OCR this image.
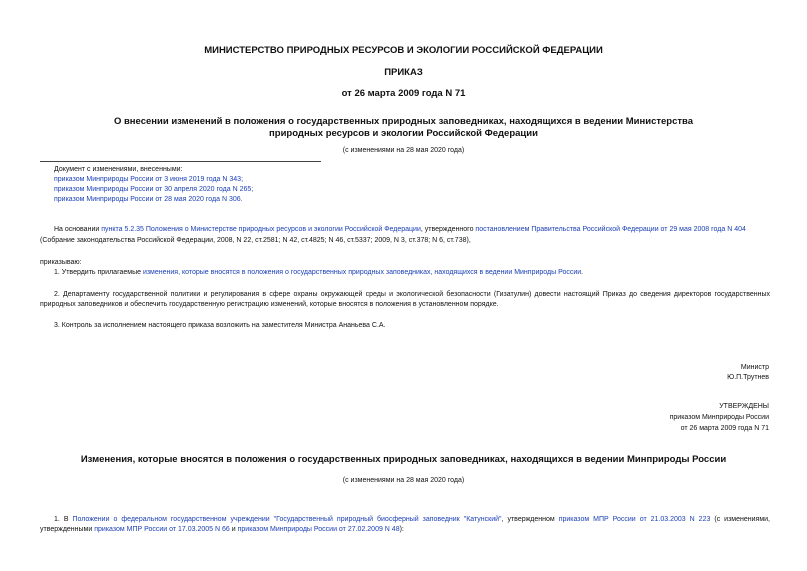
МИНИСТЕРСТВО ПРИРОДНЫХ РЕСУРСОВ И ЭКОЛОГИИ РОССИЙСКОЙ ФЕДЕРАЦИИ
ПРИКАЗ
от 26 марта 2009 года N 71
О внесении изменений в положения о государственных природных заповедниках, находящихся в ведении Министерства природных ресурсов и экологии Российской Федерации
(с изменениями на 28 мая 2020 года)
Документ с изменениями, внесенными:
приказом Минприроды России от 3 июня 2019 года N 343;
приказом Минприроды России от 30 апреля 2020 года N 265;
приказом Минприроды России от 28 мая 2020 года N 306.
На основании пункта 5.2.35 Положения о Министерстве природных ресурсов и экологии Российской Федерации, утвержденного постановлением Правительства Российской Федерации от 29 мая 2008 года N 404
(Собрание законодательства Российской Федерации, 2008, N 22, ст.2581; N 42, ст.4825; N 46, ст.5337; 2009, N 3, ст.378; N 6, ст.738),
приказываю:
1. Утвердить прилагаемые изменения, которые вносятся в положения о государственных природных заповедниках, находящихся в ведении Минприроды России.
2. Департаменту государственной политики и регулирования в сфере охраны окружающей среды и экологической безопасности (Гизатулин) довести настоящий Приказ до сведения директоров государственных природных заповедников и обеспечить государственную регистрацию изменений, которые вносятся в положения в установленном порядке.
3. Контроль за исполнением настоящего приказа возложить на заместителя Министра Ананьева С.А.
Министр
Ю.П.Трутнев
УТВЕРЖДЕНЫ
приказом Минприроды России
от 26 марта 2009 года N 71
Изменения, которые вносятся в положения о государственных природных заповедниках, находящихся в ведении Минприроды России
(с изменениями на 28 мая 2020 года)
1. В Положении о федеральном государственном учреждении "Государственный природный биосферный заповедник "Катунский", утвержденном приказом МПР России от 21.03.2003 N 223 (с изменениями, утвержденными приказом МПР России от 17.03.2005 N 66 и приказом Минприроды России от 27.02.2009 N 48):
